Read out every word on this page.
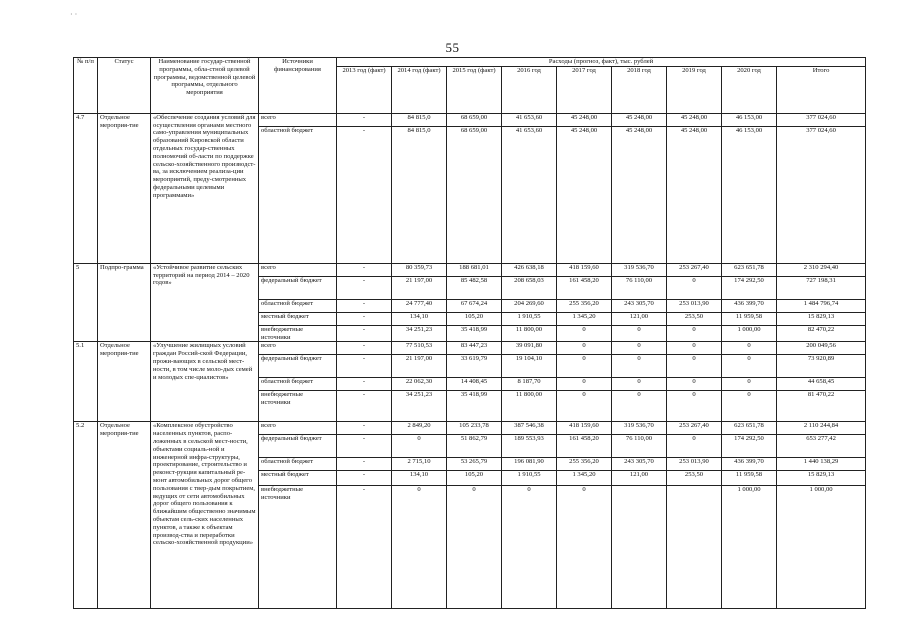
· ·
55
№ п/п	Статус	Наименование государ-ственной программы, обла-стной целевой программы, ведомственной целевой программы, отдельного мероприятия	Источники финансирования	Расходы (прогноз, факт), тыс. рублей								
				2013 год (факт)	2014 год (факт)	2015 год (факт)	2016 год	2017 год	2018 год	2019 год	2020 год	Итого
4.7	Отдельное мероприя-тие	«Обеспечение создания условий для осуществления органами местного само-управления муниципальных образований Кировской области отдельных государ-ственных полномочий об-ласти по поддержке сельско-хозяйственного производст-ва, за исключением реализа-ции мероприятий, преду-смотренных федеральными целевыми программами»	всего	-	84 815,0	68 659,00	41 653,60	45 248,00	45 248,00	45 248,00	46 153,00	377 024,60
			областной бюджет	-	84 815,0	68 659,00	41 653,60	45 248,00	45 248,00	45 248,00	46 153,00	377 024,60
5	Подпро-грамма	«Устойчивое развитие сельских территорий на период 2014 – 2020 годов»	всего	-	80 359,73	188 681,01	426 638,18	418 159,60	319 536,70	253 267,40	623 651,78	2 310 294,40
			федеральный бюджет	-	21 197,00	85 482,58	208 658,03	161 458,20	76 110,00	0	174 292,50	727 198,31
			областной бюджет	-	24 777,40	67 674,24	204 269,60	255 356,20	243 305,70	253 013,90	436 399,70	1 484 796,74
			местный бюджет	-	134,10	105,20	1 910,55	1 345,20	121,00	253,50	11 959,58	15 829,13
			внебюджетные источники	-	34 251,23	35 418,99	11 800,00	0	0	0	1 000,00	82 470,22
5.1	Отдельное мероприя-тие	«Улучшение жилищных условий граждан Россий-ской Федерации, прожи-вающих в сельской мест-ности, в том числе моло-дых семей и молодых спе-циалистов»	всего	-	77 510,53	83 447,23	39 091,80	0	0	0	0	200 049,56
			федеральный бюджет	-	21 197,00	33 619,79	19 104,10	0	0	0	0	73 920,89
			областной бюджет	-	22 062,30	14 408,45	8 187,70	0	0	0	0	44 658,45
			внебюджетные источники	-	34 251,23	35 418,99	11 800,00	0	0	0	0	81 470,22
5.2	Отдельное мероприя-тие	«Комплексное обустройство населенных пунктов, распо-ложенных в сельской мест-ности, объектами социаль-ной и инженерной инфра-структуры, проектирование, строительство и реконст-рукция капитальный ре-монт автомобильных дорог общего пользования с твер-дым покрытием, ведущих от сети автомобильных дорог общего пользования к ближайшим общественно значимым объектам сель-ских населенных пунктов, а также к объектам производ-ства и переработки сельско-хозяйственной продукции»	всего	-	2 849,20	105 233,78	387 546,38	418 159,60	319 536,70	253 267,40	623 651,78	2 110 244,84
			федеральный бюджет	-	0	51 862,79	189 553,93	161 458,20	76 110,00	0	174 292,50	653 277,42
			областной бюджет	-	2 715,10	53 265,79	196 081,90	255 356,20	243 305,70	253 013,90	436 399,70	1 440 138,29
			местный бюджет	-	134,10	105,20	1 910,55	1 345,20	121,00	253,50	11 959,58	15 829,13
			внебюджетные источники	-	0	0	0	0			1 000,00	1 000,00
